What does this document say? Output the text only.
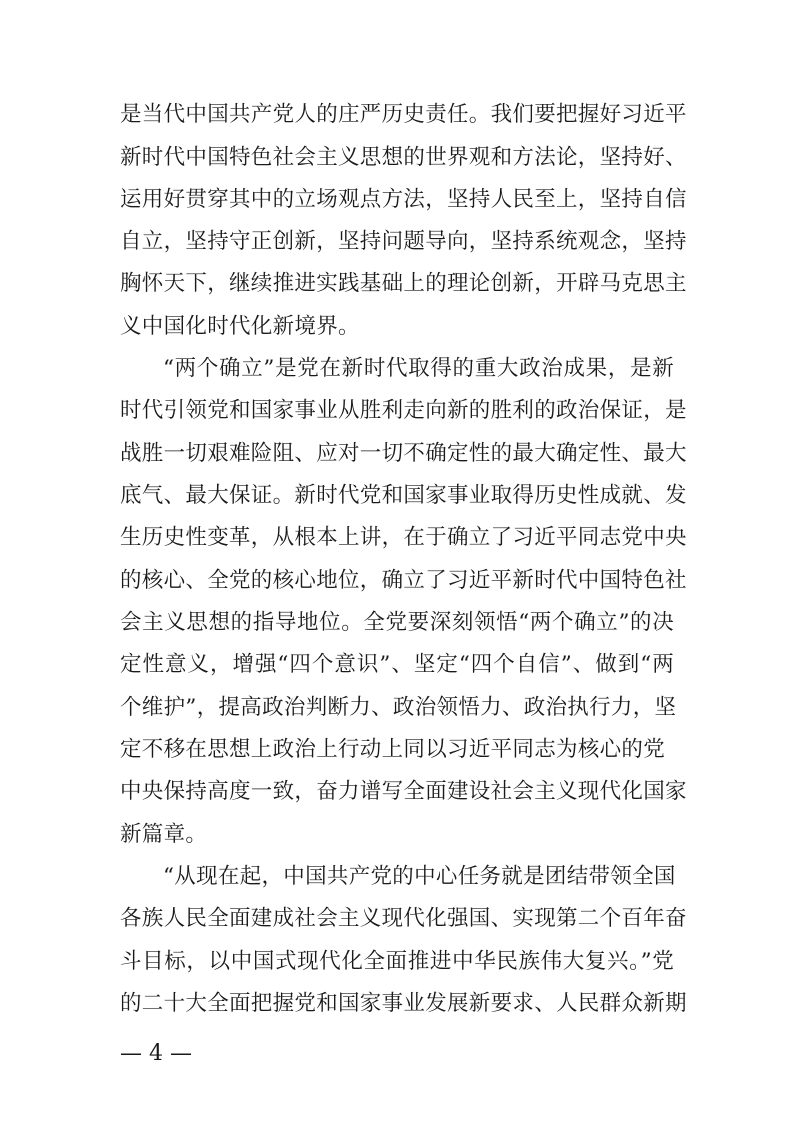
是当代中国共产党人的庄严历史责任。我们要把握好习近平
新时代中国特色社会主义思想的世界观和方法论，坚持好、
运用好贯穿其中的立场观点方法，坚持人民至上，坚持自信
自立，坚持守正创新，坚持问题导向，坚持系统观念，坚持
胸怀天下，继续推进实践基础上的理论创新，开辟马克思主
义中国化时代化新境界。
“两个确立”是党在新时代取得的重大政治成果，是新
时代引领党和国家事业从胜利走向新的胜利的政治保证，是
战胜一切艰难险阻、应对一切不确定性的最大确定性、最大
底气、最大保证。新时代党和国家事业取得历史性成就、发
生历史性变革，从根本上讲，在于确立了习近平同志党中央
的核心、全党的核心地位，确立了习近平新时代中国特色社
会主义思想的指导地位。全党要深刻领悟“两个确立”的决
定性意义，增强“四个意识”、坚定“四个自信”、做到“两
个维护”，提高政治判断力、政治领悟力、政治执行力，坚
定不移在思想上政治上行动上同以习近平同志为核心的党
中央保持高度一致，奋力谱写全面建设社会主义现代化国家
新篇章。
“从现在起，中国共产党的中心任务就是团结带领全国
各族人民全面建成社会主义现代化强国、实现第二个百年奋
斗目标，以中国式现代化全面推进中华民族伟大复兴。”党
的二十大全面把握党和国家事业发展新要求、人民群众新期
— 4 —
